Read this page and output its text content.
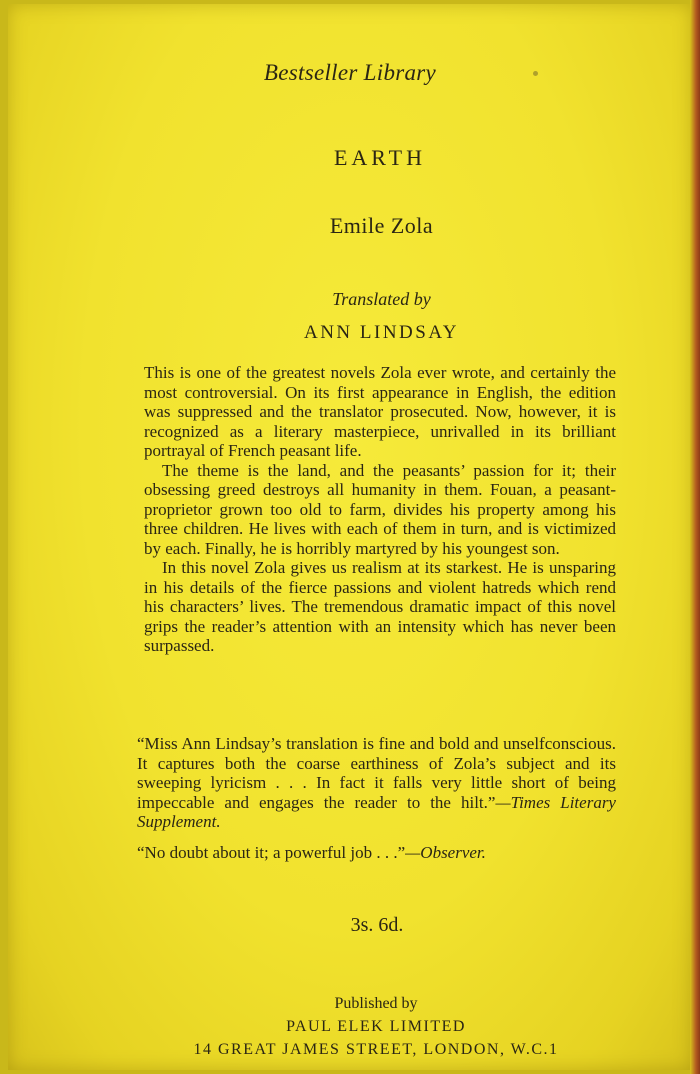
Bestseller Library
EARTH
Emile Zola
Translated by
ANN LINDSAY

This is one of the greatest novels Zola ever wrote, and certainly the most controversial. On its first appearance in English, the edition was suppressed and the translator prosecuted. Now, however, it is recognized as a literary masterpiece, unrivalled in its brilliant portrayal of French peasant life.

The theme is the land, and the peasants’ passion for it; their obsessing greed destroys all humanity in them. Fouan, a peasant-proprietor grown too old to farm, divides his property among his three children. He lives with each of them in turn, and is victimized by each. Finally, he is horribly martyred by his youngest son.

In this novel Zola gives us realism at its starkest. He is unsparing in his details of the fierce passions and violent hatreds which rend his characters’ lives. The tremendous dramatic impact of this novel grips the reader’s attention with an intensity which has never been surpassed.

“Miss Ann Lindsay’s translation is fine and bold and unselfconscious. It captures both the coarse earthiness of Zola’s subject and its sweeping lyricism . . . In fact it falls very little short of being impeccable and engages the reader to the hilt.”—Times Literary Supplement.

“No doubt about it; a powerful job . . .”—Observer.

3s. 6d.
Published by
PAUL ELEK LIMITED
14 GREAT JAMES STREET, LONDON, W.C.1
